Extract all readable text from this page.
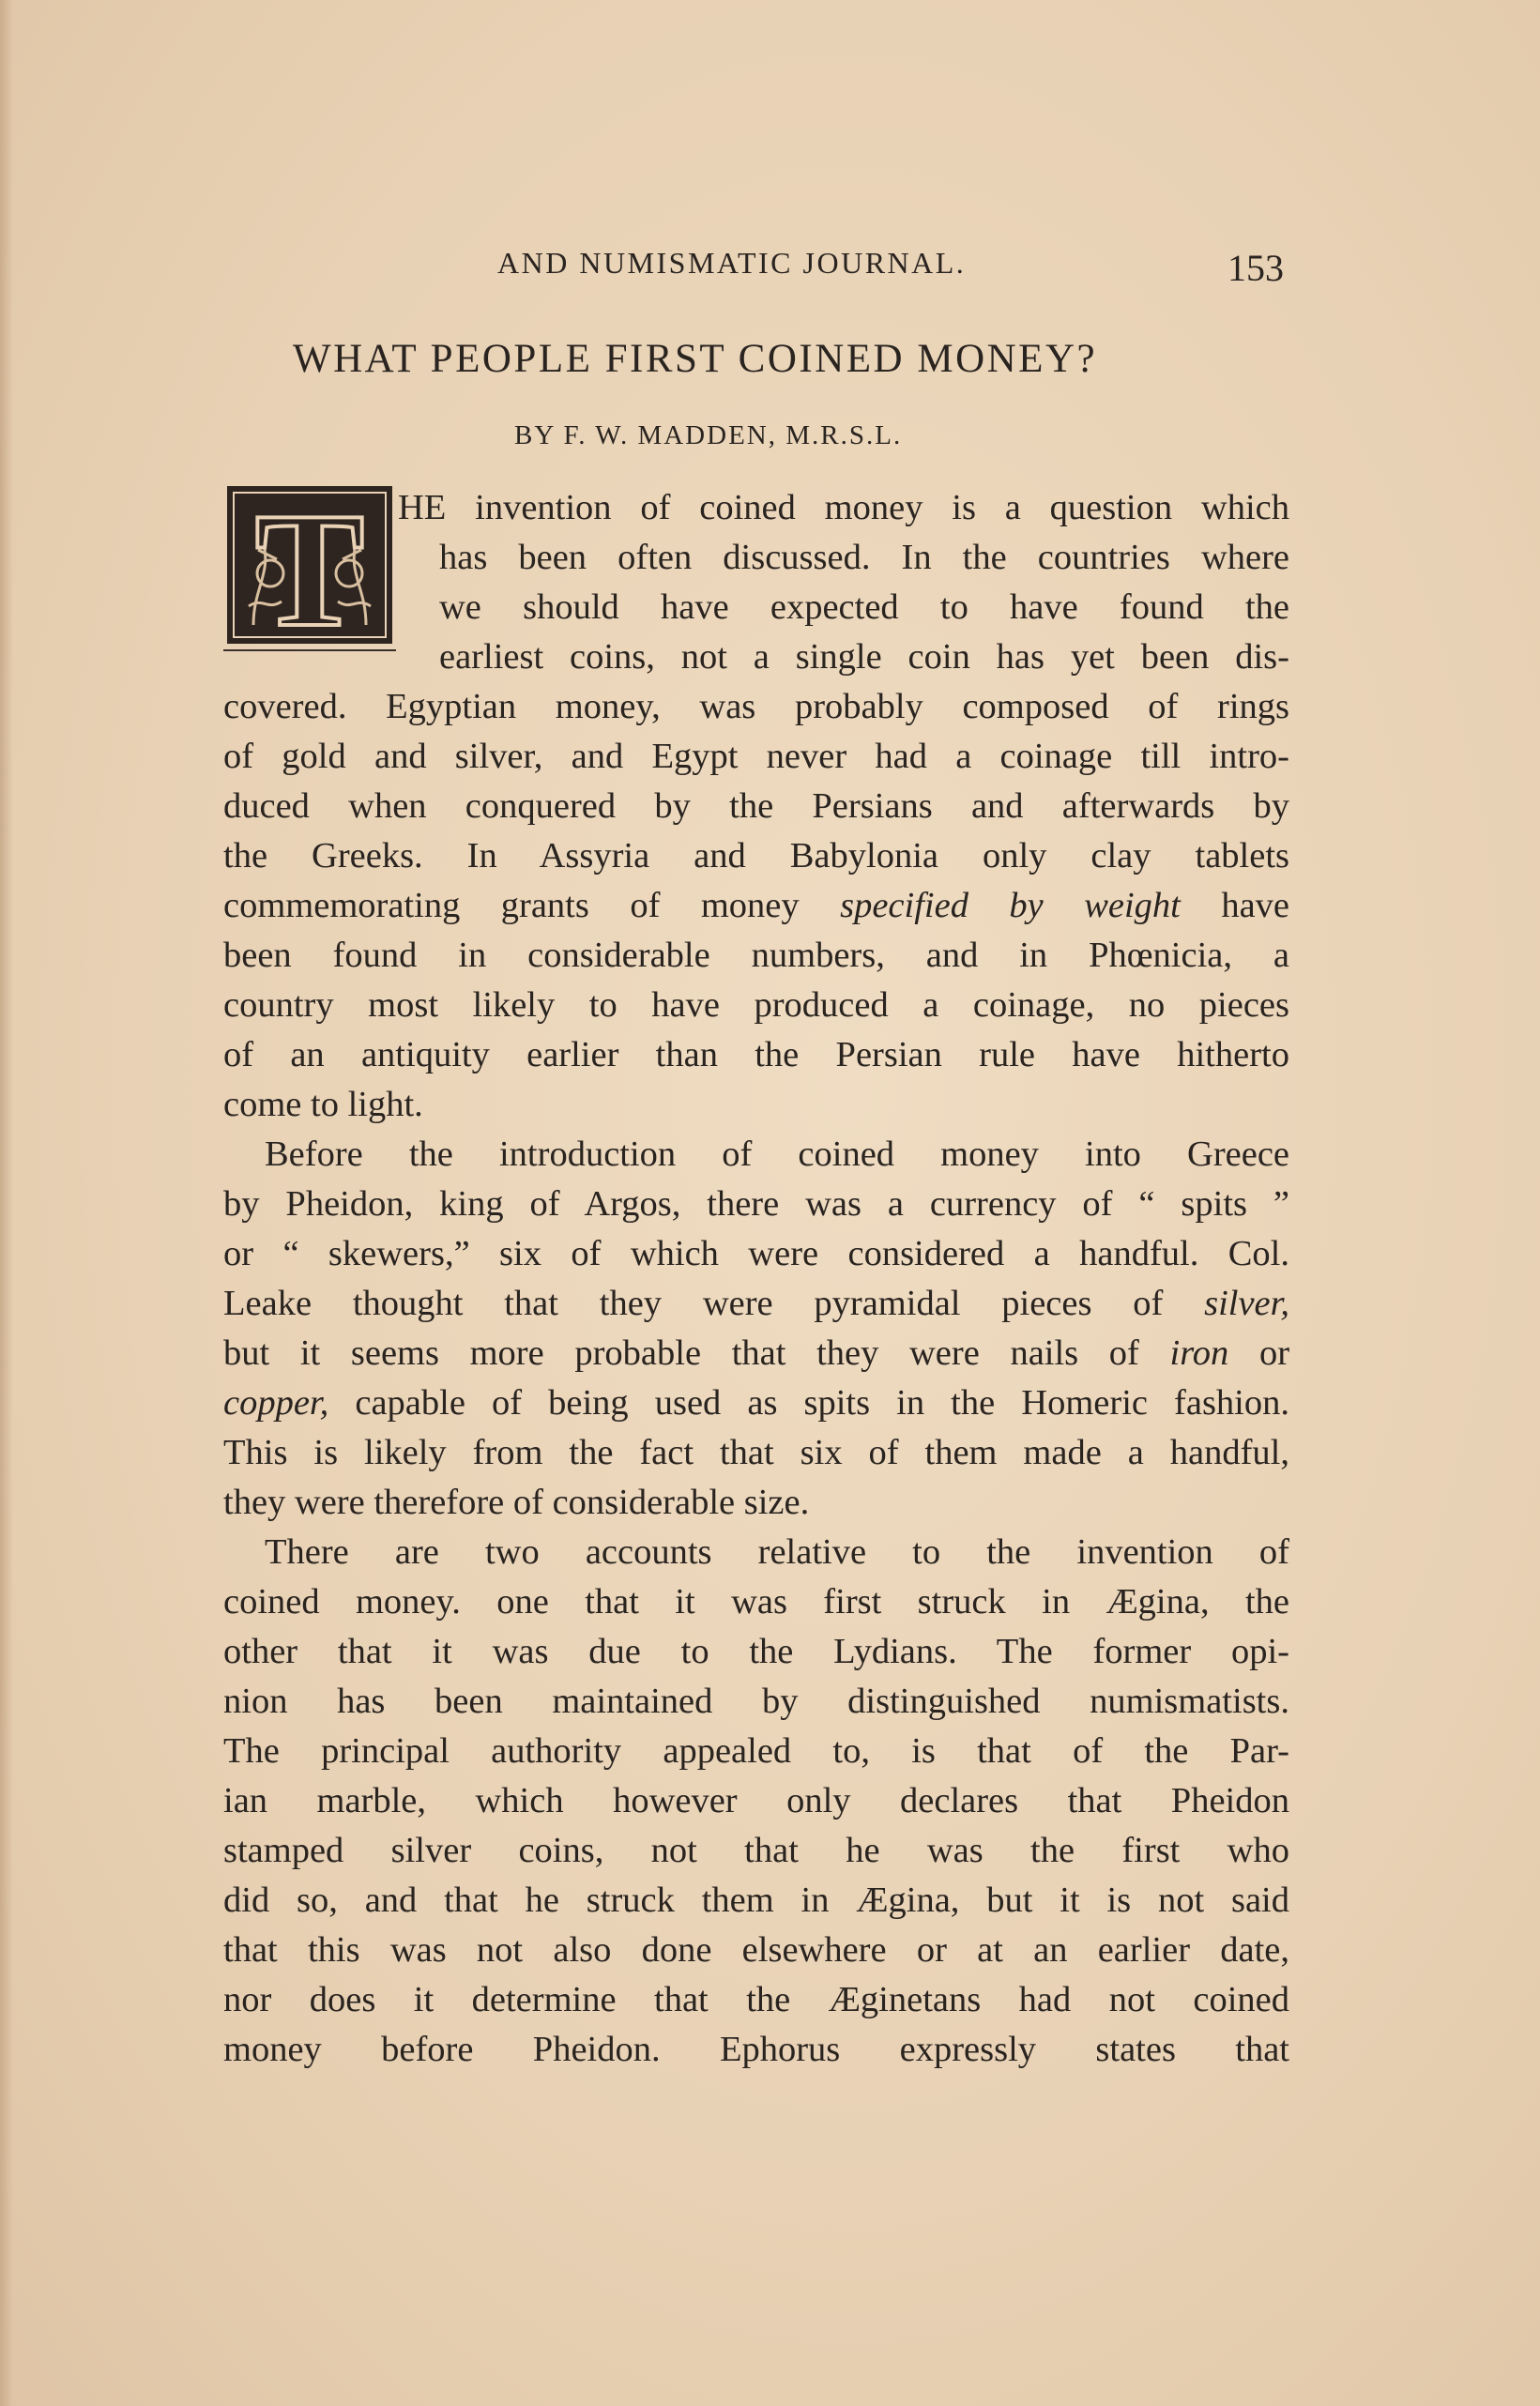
AND NUMISMATIC JOURNAL.	153
WHAT PEOPLE FIRST COINED MONEY?
BY F. W. MADDEN, M.R.S.L.
T HE invention of coined money is a question which
has been often discussed. In the countries where
we should have expected to have found the
earliest coins, not a single coin has yet been dis-
covered. Egyptian money, was probably composed of rings
of gold and silver, and Egypt never had a coinage till intro-
duced when conquered by the Persians and afterwards by
the Greeks. In Assyria and Babylonia only clay tablets
commemorating grants of money specified by weight have
been found in considerable numbers, and in Phœnicia, a
country most likely to have produced a coinage, no pieces
of an antiquity earlier than the Persian rule have hitherto
come to light.
Before the introduction of coined money into Greece
by Pheidon, king of Argos, there was a currency of “ spits ”
or “ skewers,” six of which were considered a handful. Col.
Leake thought that they were pyramidal pieces of silver,
but it seems more probable that they were nails of iron or
copper, capable of being used as spits in the Homeric fashion.
This is likely from the fact that six of them made a handful,
they were therefore of considerable size.
There are two accounts relative to the invention of
coined money. one that it was first struck in Ægina, the
other that it was due to the Lydians. The former opi-
nion has been maintained by distinguished numismatists.
The principal authority appealed to, is that of the Par-
ian marble, which however only declares that Pheidon
stamped silver coins, not that he was the first who
did so, and that he struck them in Ægina, but it is not said
that this was not also done elsewhere or at an earlier date,
nor does it determine that the Æginetans had not coined
money before Pheidon. Ephorus expressly states that
